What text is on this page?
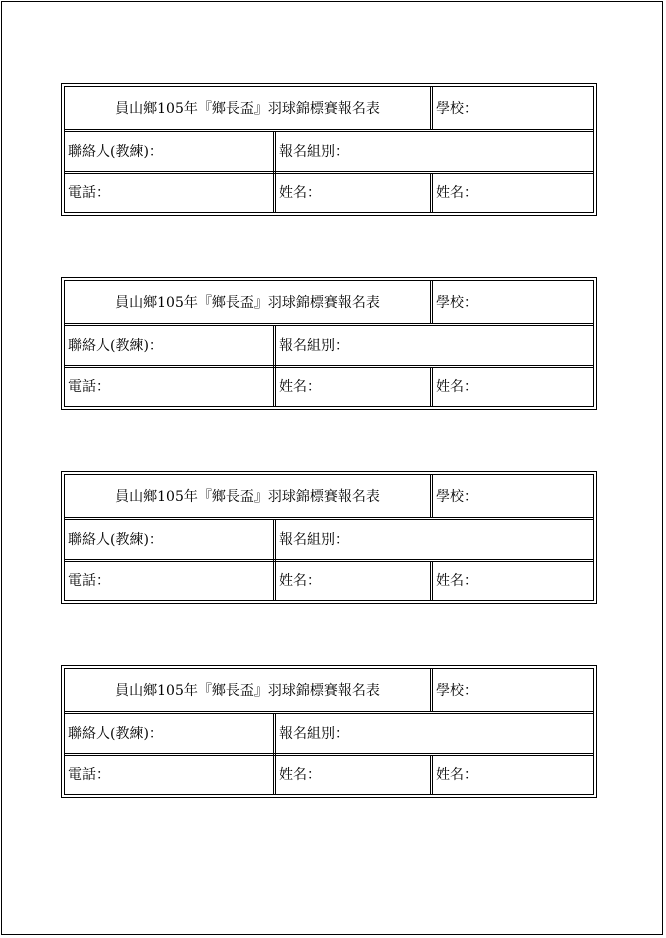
員山鄉105年『鄉長盃』羽球錦標賽報名表	學校：
聯絡人(教練)：	報名組別：
電話：	姓名：	姓名：
員山鄉105年『鄉長盃』羽球錦標賽報名表	學校：
聯絡人(教練)：	報名組別：
電話：	姓名：	姓名：
員山鄉105年『鄉長盃』羽球錦標賽報名表	學校：
聯絡人(教練)：	報名組別：
電話：	姓名：	姓名：
員山鄉105年『鄉長盃』羽球錦標賽報名表	學校：
聯絡人(教練)：	報名組別：
電話：	姓名：	姓名：
